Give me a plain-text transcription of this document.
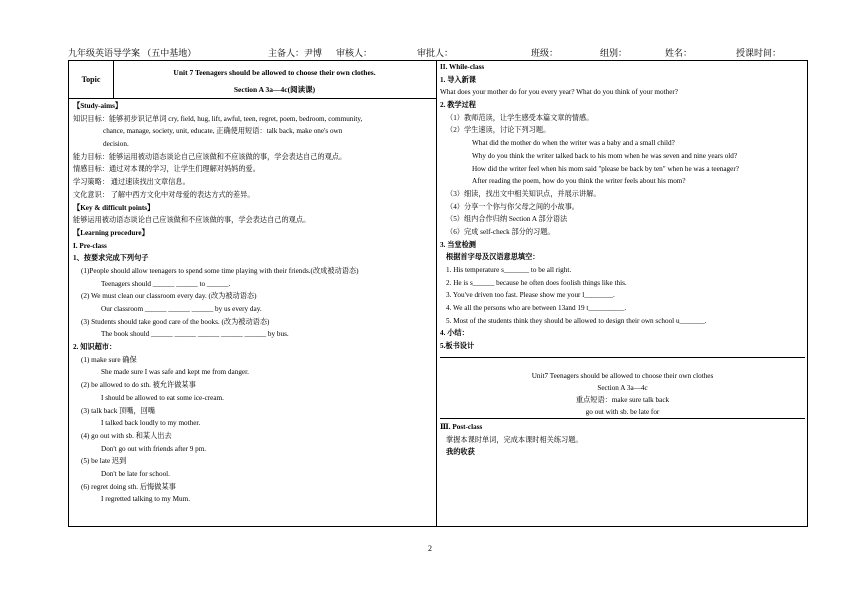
九年级英语导学案 （五中基地）	主备人：尹博 审核人：	审批人：	班级：	组别：	姓名：	授课时间：
Topic
Unit 7 Teenagers should be allowed to choose their own clothes.
Section A 3a—4c(阅读课)
【Study-aims】
知识目标：能够初步识记单词 cry, field, hug, lift, awful, teen, regret, poem, bedroom, community,
chance, manage, society, unit, educate, 正确使用短语：talk back, make one's own
decision.
能力目标：能够运用被动语态谈论自己应该做和不应该做的事，学会表达自己的观点。
情感目标：通过对本课的学习，让学生们理解对妈妈的爱。
学习策略： 通过速读找出文章信息。
文化意识： 了解中西方文化中对母爱的表达方式的差异。
【Key & difficult points】
能够运用被动语态谈论自己应该做和不应该做的事，学会表达自己的观点。
【Learning procedure】
I. Pre-class
1、按要求完成下列句子
(1)People should allow teenagers to spend some time playing with their friends.(改成被动语态)
Teenagers should ______ ______ to ______.
(2) We must clean our classroom every day. (改为被动语态)
Our classroom ______ ______ ______ by us every day.
(3) Students should take good care of the books. (改为被动语态)
The book should ______ ______ ______ ______ ______ by bus.
2. 知识超市：
(1) make sure 确保
She made sure I was safe and kept me from danger.
(2) be allowed to do sth. 被允许做某事
I should be allowed to eat some ice-cream.
(3) talk back 顶嘴，回嘴
I talked back loudly to my mother.
(4) go out with sb. 和某人出去
Don't go out with friends after 9 pm.
(5) be late 迟到
Don't be late for school.
(6) regret doing sth. 后悔做某事
I regretted talking to my Mum.
II. While-class
1. 导入新课
What does your mother do for you every year? What do you think of your mother?
2. 教学过程
（1）教师范读，让学生感受本篇文章的情感。
（2）学生速读，讨论下列习题。
What did the mother do when the writer was a baby and a small child?
Why do you think the writer talked back to his mom when he was seven and nine years old?
How did the writer feel when his mom said "please be back by ten" when he was a teenager?
After reading the poem, how do you think the writer feels about his mom?
（3）细读，找出文中相关知识点，并展示讲解。
（4）分享一个你与你父母之间的小故事。
（5）组内合作归纳 Section A 部分语法
（6）完成 self-check 部分的习题。
3. 当堂检测
根据首字母及汉语意思填空：
1. His temperature s_______ to be all right.
2. He is s______ because he often does foolish things like this.
3. You've driven too fast. Please show me your l________.
4. We all the persons who are between 13and 19 t__________.
5. Most of the students think they should be allowed to design their own school u_______.
4. 小结：
5.板书设计
Unit7 Teenagers should be allowed to choose their own clothes
Section A 3a—4c
重点短语：make sure talk back
go out with sb. be late for
Ⅲ. Post-class
掌握本课时单词，完成本课时相关练习题。
我的收获
2
